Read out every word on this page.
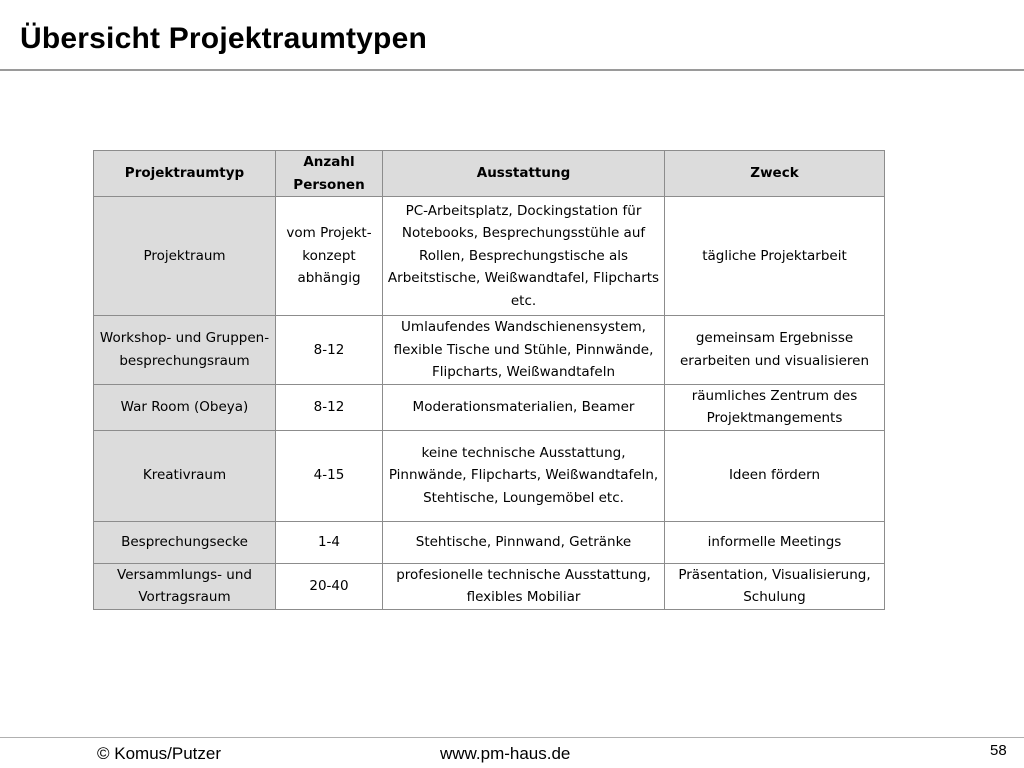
Übersicht Projektraumtypen
Projektraumtyp	Anzahl Personen	Ausstattung	Zweck
Projektraum	vom Projekt-konzept abhängig	PC-Arbeitsplatz, Dockingstation für Notebooks, Besprechungsstühle auf Rollen, Besprechungstische als Arbeitstische, Weißwandtafel, Flipcharts etc.	tägliche Projektarbeit
Workshop- und Gruppen-besprechungsraum	8-12	Umlaufendes Wandschienensystem, flexible Tische und Stühle, Pinnwände, Flipcharts, Weißwandtafeln	gemeinsam Ergebnisse erarbeiten und visualisieren
War Room (Obeya)	8-12	Moderationsmaterialien, Beamer	räumliches Zentrum des Projektmangements
Kreativraum	4-15	keine technische Ausstattung, Pinnwände, Flipcharts, Weißwandtafeln, Stehtische, Loungemöbel etc.	Ideen fördern
Besprechungsecke	1-4	Stehtische, Pinnwand, Getränke	informelle Meetings
Versammlungs- und Vortragsraum	20-40	profesionelle technische Ausstattung, flexibles Mobiliar	Präsentation, Visualisierung, Schulung
© Komus/Putzer	www.pm-haus.de	58
